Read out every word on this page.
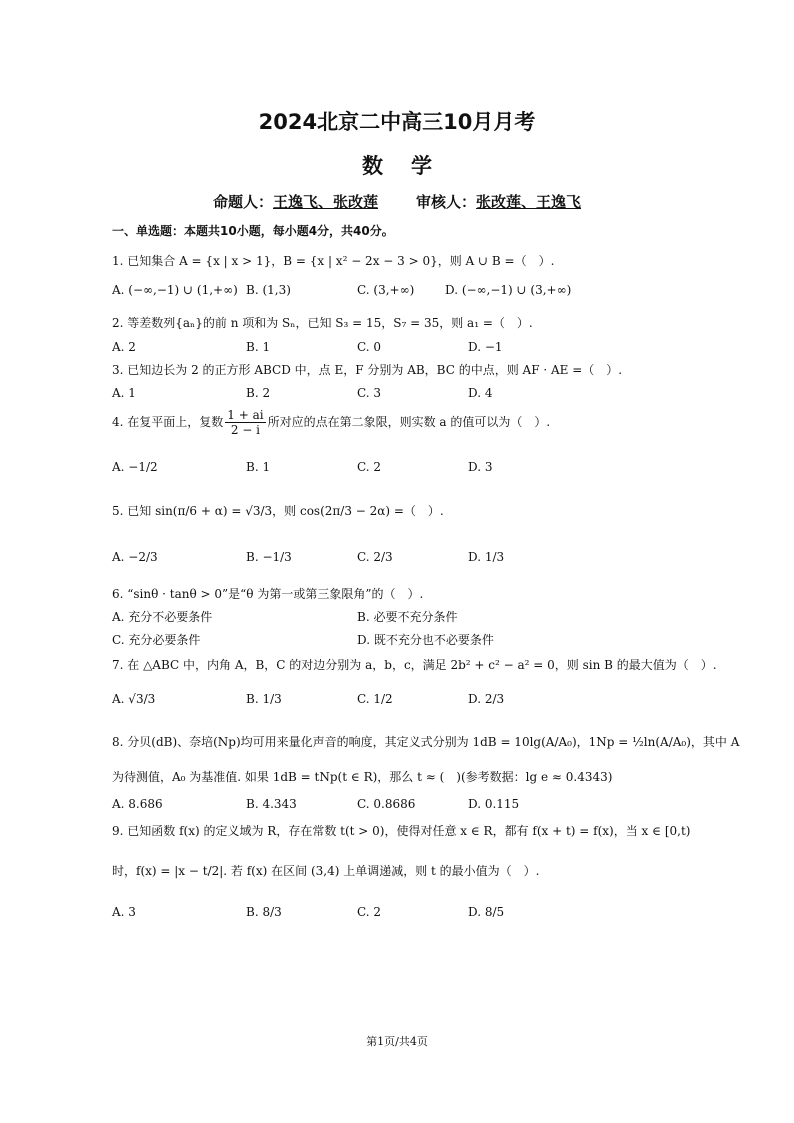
2024北京二中高三10月月考
数学
命题人：王逸飞、张改莲	审核人：张改莲、王逸飞
一、单选题：本题共10小题，每小题4分，共40分。
1. 已知集合 A = {x | x > 1}，B = {x | x² − 2x − 3 > 0}，则 A ∪ B =（　）.
A. (−∞,−1) ∪ (1,+∞) B. (1,3)	C. (3,+∞)	D. (−∞,−1) ∪ (3,+∞)
2. 等差数列{aₙ}的前 n 项和为 Sₙ，已知 S₃ = 15，S₇ = 35，则 a₁ =（　）.
A. 2	B. 1	C. 0	D. −1
3. 已知边长为 2 的正方形 ABCD 中，点 E，F 分别为 AB，BC 的中点，则 AF · AE =（　）.
A. 1	B. 2	C. 3	D. 4
4. 在复平面上，复数 $\frac{1 + ai}{2 - i}$ 所对应的点在第二象限，则实数 a 的值可以为（　）.
A. −1/2	B. 1	C. 2	D. 3
5. 已知 sin(π/6 + α) = √3/3，则 cos(2π/3 − 2α) =（　）.
A. −2/3	B. −1/3	C. 2/3	D. 1/3
6. “sinθ · tanθ > 0”是“θ 为第一或第三象限角”的（　）.
A. 充分不必要条件	B. 必要不充分条件
C. 充分必要条件	D. 既不充分也不必要条件
7. 在 △ABC 中，内角 A，B，C 的对边分别为 a，b，c，满足 2b² + c² − a² = 0，则 sin B 的最大值为（　）.
A. √3/3	B. 1/3	C. 1/2	D. 2/3
8. 分贝(dB)、奈培(Np)均可用来量化声音的响度，其定义式分别为 1dB = 10lg(A/A₀)，1Np = ½ln(A/A₀)，其中 A
为待测值，A₀ 为基准值. 如果 1dB = tNp(t ∈ R)，那么 t ≈ (　)(参考数据：lg e ≈ 0.4343)
A. 8.686	B. 4.343	C. 0.8686	D. 0.115
9. 已知函数 f(x) 的定义域为 R，存在常数 t(t > 0)，使得对任意 x ∈ R，都有 f(x + t) = f(x)，当 x ∈ [0,t)
时，f(x) = |x − t/2|. 若 f(x) 在区间 (3,4) 上单调递减，则 t 的最小值为（　）.
A. 3	B. 8/3	C. 2	D. 8/5
第1页/共4页
